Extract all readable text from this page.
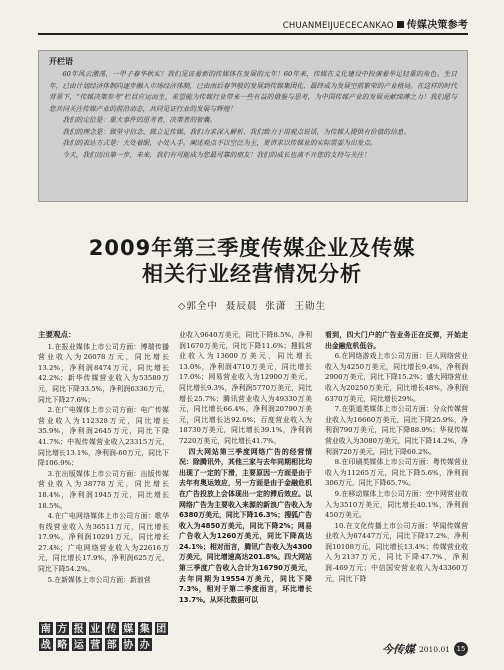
CHUANMEIJUECECANKAO 传媒决策参考
开栏语

60年风云激荡，一甲子春华秋实！我们见证着新的传媒体在发展的元年！60年来，传媒在文化建设中扮演着举足轻重的角色。生日年，已由计划经济体制向逐步融入市场经济体制，已由雨后春笋般的发展到传媒集团化，最终成为发展空前繁荣的产业格局。在这样的时代背景下，“传媒决策参考”栏目应运而生，希望能为传媒行业带来一些有益的借鉴与思考，为中国传媒产业的发展贡献绵薄之力！我们愿与您共同关注传媒产业的前沿动态，共同见证行业的发展与辉煌！

我们的定位是：重大事件的思考者，决策者的智囊。

我们的理念是：做坚守信念、做立足传媒、我们力求深入解析、我们致力于用观点说话，为传媒人提供有价值的信息。

我们的表达方式是：大处着眼，小处入手。阐述观点不以空泛为主，更讲求以传媒业的实际需要为出发点。

今天，我们迈出第一步，未来，我们有可能成为您最可靠的朋友！我们的成长也离不开您的支持与关注！

2009年第三季度传媒企业及传媒
相关行业经营情况分析
◇郭全中  聂辰晨  张潇  王勋生
主要观点：

1.在报业媒体上市公司方面：博瑞传播营业收入为26078万元，同比增长13.2%，净利润8474万元，同比增长42.2%；新华传媒营业收入为53589万元，同比下降33.5%，净利润6336万元，同比下降27.6%；

2.在广电媒体上市公司方面：电广传媒营业收入为112328万元，同比增长35.9%，净利润2645万元，同比下降41.7%；中视传媒营业收入23315万元，同比增长13.1%，净利润-60万元，同比下降106.9%；

3.在出版媒体上市公司方面：出版传媒营业收入为38778万元，同比增长18.4%，净利润1945万元，同比增长18.5%。

4.在广电网络媒体上市公司方面：歌华有线营业收入为36511万元，同比增长17.9%，净利润10291万元，同比增长27.4%；广电网络营业收入为22616万元，同比增长17.9%，净利润625万元，同比下降54.2%。

5.在新媒体上市公司方面：新浪营

业收入9640万美元，同比下降8.5%，净利润1670万美元，同比下降11.6%；搜狐营业收入为13600万美元，同比增长13.0%，净利润4710万美元，同比增长17.0%；网易营业收入为12900万美元，同比增长9.3%，净利润5770万美元，同比增长25.7%；腾讯营业收入为49330万美元，同比增长66.4%，净利润20790万美元，同比增长达92.6%；百度营业收入为18730万美元，同比增长39.1%，净利润7220万美元，同比增长41.7%。

四大网站第三季度网络广告的经营情况：除腾讯外，其他三家与去年同期相比均出现了一定的下滑，主要原因一方面是由于去年有奥运效应，另一方面是由于金融危机在广告投放上会体现出一定的滞后效应。以网络广告为主要收入来源的新浪广告收入为6380万美元，同比下降16.3%；搜狐广告收入为4850万美元，同比下降2%；网易广告收入为1260万美元，同比下降高达24.1%；相对而言，腾讯广告收入为4300万美元，同比增速高达201.8%。四大网站第三季度广告收入合计为16790万美元，去年同期为19554万美元，同比下降7.3%，相对于第二季度而言，环比增长13.7%。从环比数据可以

看到，四大门户的广告业务正在反弹，开始走出金融危机低谷。

6.在网络游戏上市公司方面：巨人网络营业收入为4250万美元，同比增长9.4%，净利润2900万美元，同比下降15.2%；盛大网络营业收入为20250万美元，同比增长48%，净利润6370万美元，同比增长29%。

7.在渠道类媒体上市公司方面：分众传媒营业收入为16660万美元，同比下降25.9%，净利润790万美元，同比下降88.9%；华视传媒营业收入为3080万美元，同比下降14.2%，净利润720万美元，同比下降60.2%。

8.在印刷类媒体上市公司方面：粤传媒营业收入为11265万元，同比下降5.6%，净利润306万元，同比下降65.7%。

9.在移动媒体上市公司方面：空中网营业收入为3510万美元，同比增长40.1%，净利润450万美元。

10.在文化传播上市公司方面：华闻传媒营业收入为67447万元，同比下降17.2%，净利润10108万元，同比增长13.4%；传媒营业收入为2137万元，同比下降47.7%，净利润-469万元；中信国安营业收入为43360万元，同比下降

南 方 报 业 传 媒 集 团
战 略 运 营 部 协 办	今传媒 2010.01 15
